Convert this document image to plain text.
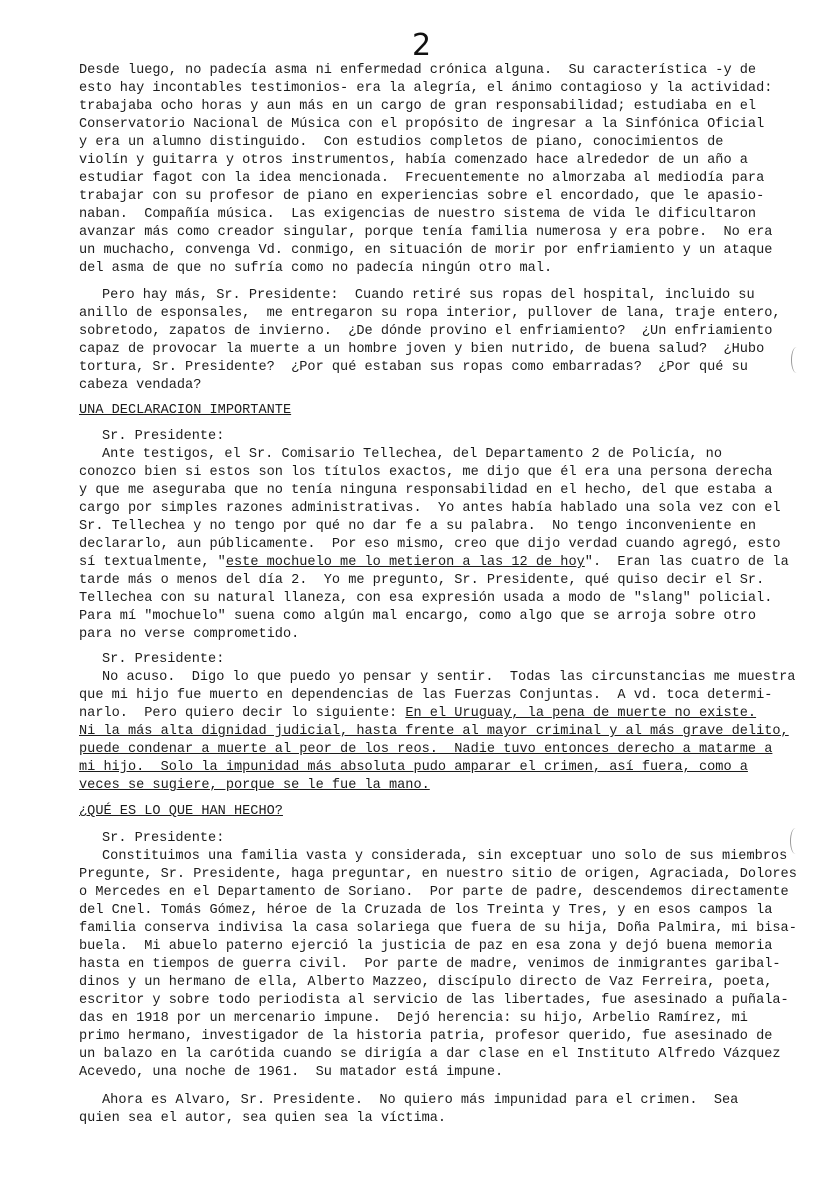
2
Desde luego, no padecía asma ni enfermedad crónica alguna.  Su característica -y de
esto hay incontables testimonios- era la alegría, el ánimo contagioso y la actividad:
trabajaba ocho horas y aun más en un cargo de gran responsabilidad; estudiaba en el
Conservatorio Nacional de Música con el propósito de ingresar a la Sinfónica Oficial
y era un alumno distinguido.  Con estudios completos de piano, conocimientos de
violín y guitarra y otros instrumentos, había comenzado hace alrededor de un año a
estudiar fagot con la idea mencionada.  Frecuentemente no almorzaba al mediodía para
trabajar con su profesor de piano en experiencias sobre el encordado, que le apasio-
naban.  Compañía música.  Las exigencias de nuestro sistema de vida le dificultaron
avanzar más como creador singular, porque tenía familia numerosa y era pobre.  No era
un muchacho, convenga Vd. conmigo, en situación de morir por enfriamiento y un ataque
del asma de que no sufría como no padecía ningún otro mal.
Pero hay más, Sr. Presidente:  Cuando retiré sus ropas del hospital, incluido su
anillo de esponsales,  me entregaron su ropa interior, pullover de lana, traje entero,
sobretodo, zapatos de invierno.  ¿De dónde provino el enfriamiento?  ¿Un enfriamiento
capaz de provocar la muerte a un hombre joven y bien nutrido, de buena salud?  ¿Hubo
tortura, Sr. Presidente?  ¿Por qué estaban sus ropas como embarradas?  ¿Por qué su
cabeza vendada?
UNA DECLARACION IMPORTANTE
Sr. Presidente:
Ante testigos, el Sr. Comisario Tellechea, del Departamento 2 de Policía, no
conozco bien si estos son los títulos exactos, me dijo que él era una persona derecha
y que me aseguraba que no tenía ninguna responsabilidad en el hecho, del que estaba a
cargo por simples razones administrativas.  Yo antes había hablado una sola vez con el
Sr. Tellechea y no tengo por qué no dar fe a su palabra.  No tengo inconveniente en
declararlo, aun públicamente.  Por eso mismo, creo que dijo verdad cuando agregó, esto
sí textualmente, "este mochuelo me lo metieron a las 12 de hoy".  Eran las cuatro de la
tarde más o menos del día 2.  Yo me pregunto, Sr. Presidente, qué quiso decir el Sr.
Tellechea con su natural llaneza, con esa expresión usada a modo de "slang" policial.
Para mí "mochuelo" suena como algún mal encargo, como algo que se arroja sobre otro
para no verse comprometido.
Sr. Presidente:
No acuso.  Digo lo que puedo yo pensar y sentir.  Todas las circunstancias me muestra
que mi hijo fue muerto en dependencias de las Fuerzas Conjuntas.  A vd. toca determi-
narlo.  Pero quiero decir lo siguiente: En el Uruguay, la pena de muerte no existe.
Ni la más alta dignidad judicial, hasta frente al mayor criminal y al más grave delito,
puede condenar a muerte al peor de los reos.  Nadie tuvo entonces derecho a matarme a
mi hijo.  Solo la impunidad más absoluta pudo amparar el crimen, así fuera, como a
veces se sugiere, porque se le fue la mano.
¿QUÉ ES LO QUE HAN HECHO?
Sr. Presidente:
Constituimos una familia vasta y considerada, sin exceptuar uno solo de sus miembros
Pregunte, Sr. Presidente, haga preguntar, en nuestro sitio de origen, Agraciada, Dolores
o Mercedes en el Departamento de Soriano.  Por parte de padre, descendemos directamente
del Cnel. Tomás Gómez, héroe de la Cruzada de los Treinta y Tres, y en esos campos la
familia conserva indivisa la casa solariega que fuera de su hija, Doña Palmira, mi bisa-
buela.  Mi abuelo paterno ejerció la justicia de paz en esa zona y dejó buena memoria
hasta en tiempos de guerra civil.  Por parte de madre, venimos de inmigrantes garibal-
dinos y un hermano de ella, Alberto Mazzeo, discípulo directo de Vaz Ferreira, poeta,
escritor y sobre todo periodista al servicio de las libertades, fue asesinado a puñala-
das en 1918 por un mercenario impune.  Dejó herencia: su hijo, Arbelio Ramírez, mi
primo hermano, investigador de la historia patria, profesor querido, fue asesinado de
un balazo en la carótida cuando se dirigía a dar clase en el Instituto Alfredo Vázquez
Acevedo, una noche de 1961.  Su matador está impune.
Ahora es Alvaro, Sr. Presidente.  No quiero más impunidad para el crimen.  Sea
quien sea el autor, sea quien sea la víctima.
